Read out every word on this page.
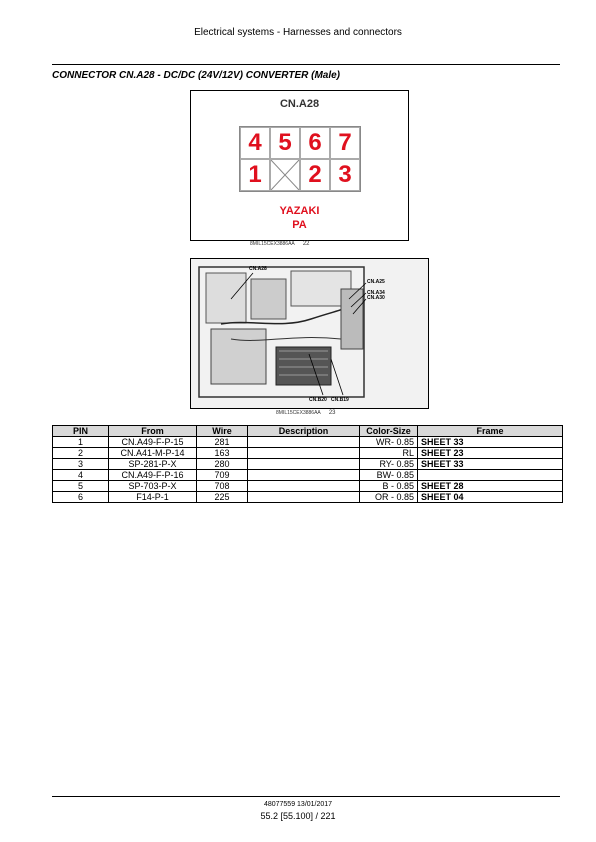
Electrical systems - Harnesses and connectors
CONNECTOR CN.A28 - DC/DC (24V/12V) CONVERTER (Male)
CN.A28
4 5 6 7
1	2 3
YAZAKI
PA
8MIL15CEX3886AA 22
CN.A28
CN.A25
CN.A34
CN.A30
CN.B20 CN.B19
8MIL15CEX3886AA 23
PIN	From	Wire	Description	Color-Size	Frame
1	CN.A49-F-P-15	281		WR- 0.85	SHEET 33
2	CN.A41-M-P-14	163		RL	SHEET 23
3	SP-281-P-X	280		RY- 0.85	SHEET 33
4	CN.A49-F-P-16	709		BW- 0.85	
5	SP-703-P-X	708		B - 0.85	SHEET 28
6	F14-P-1	225		OR - 0.85	SHEET 04
48077559 13/01/2017
55.2 [55.100] / 221
